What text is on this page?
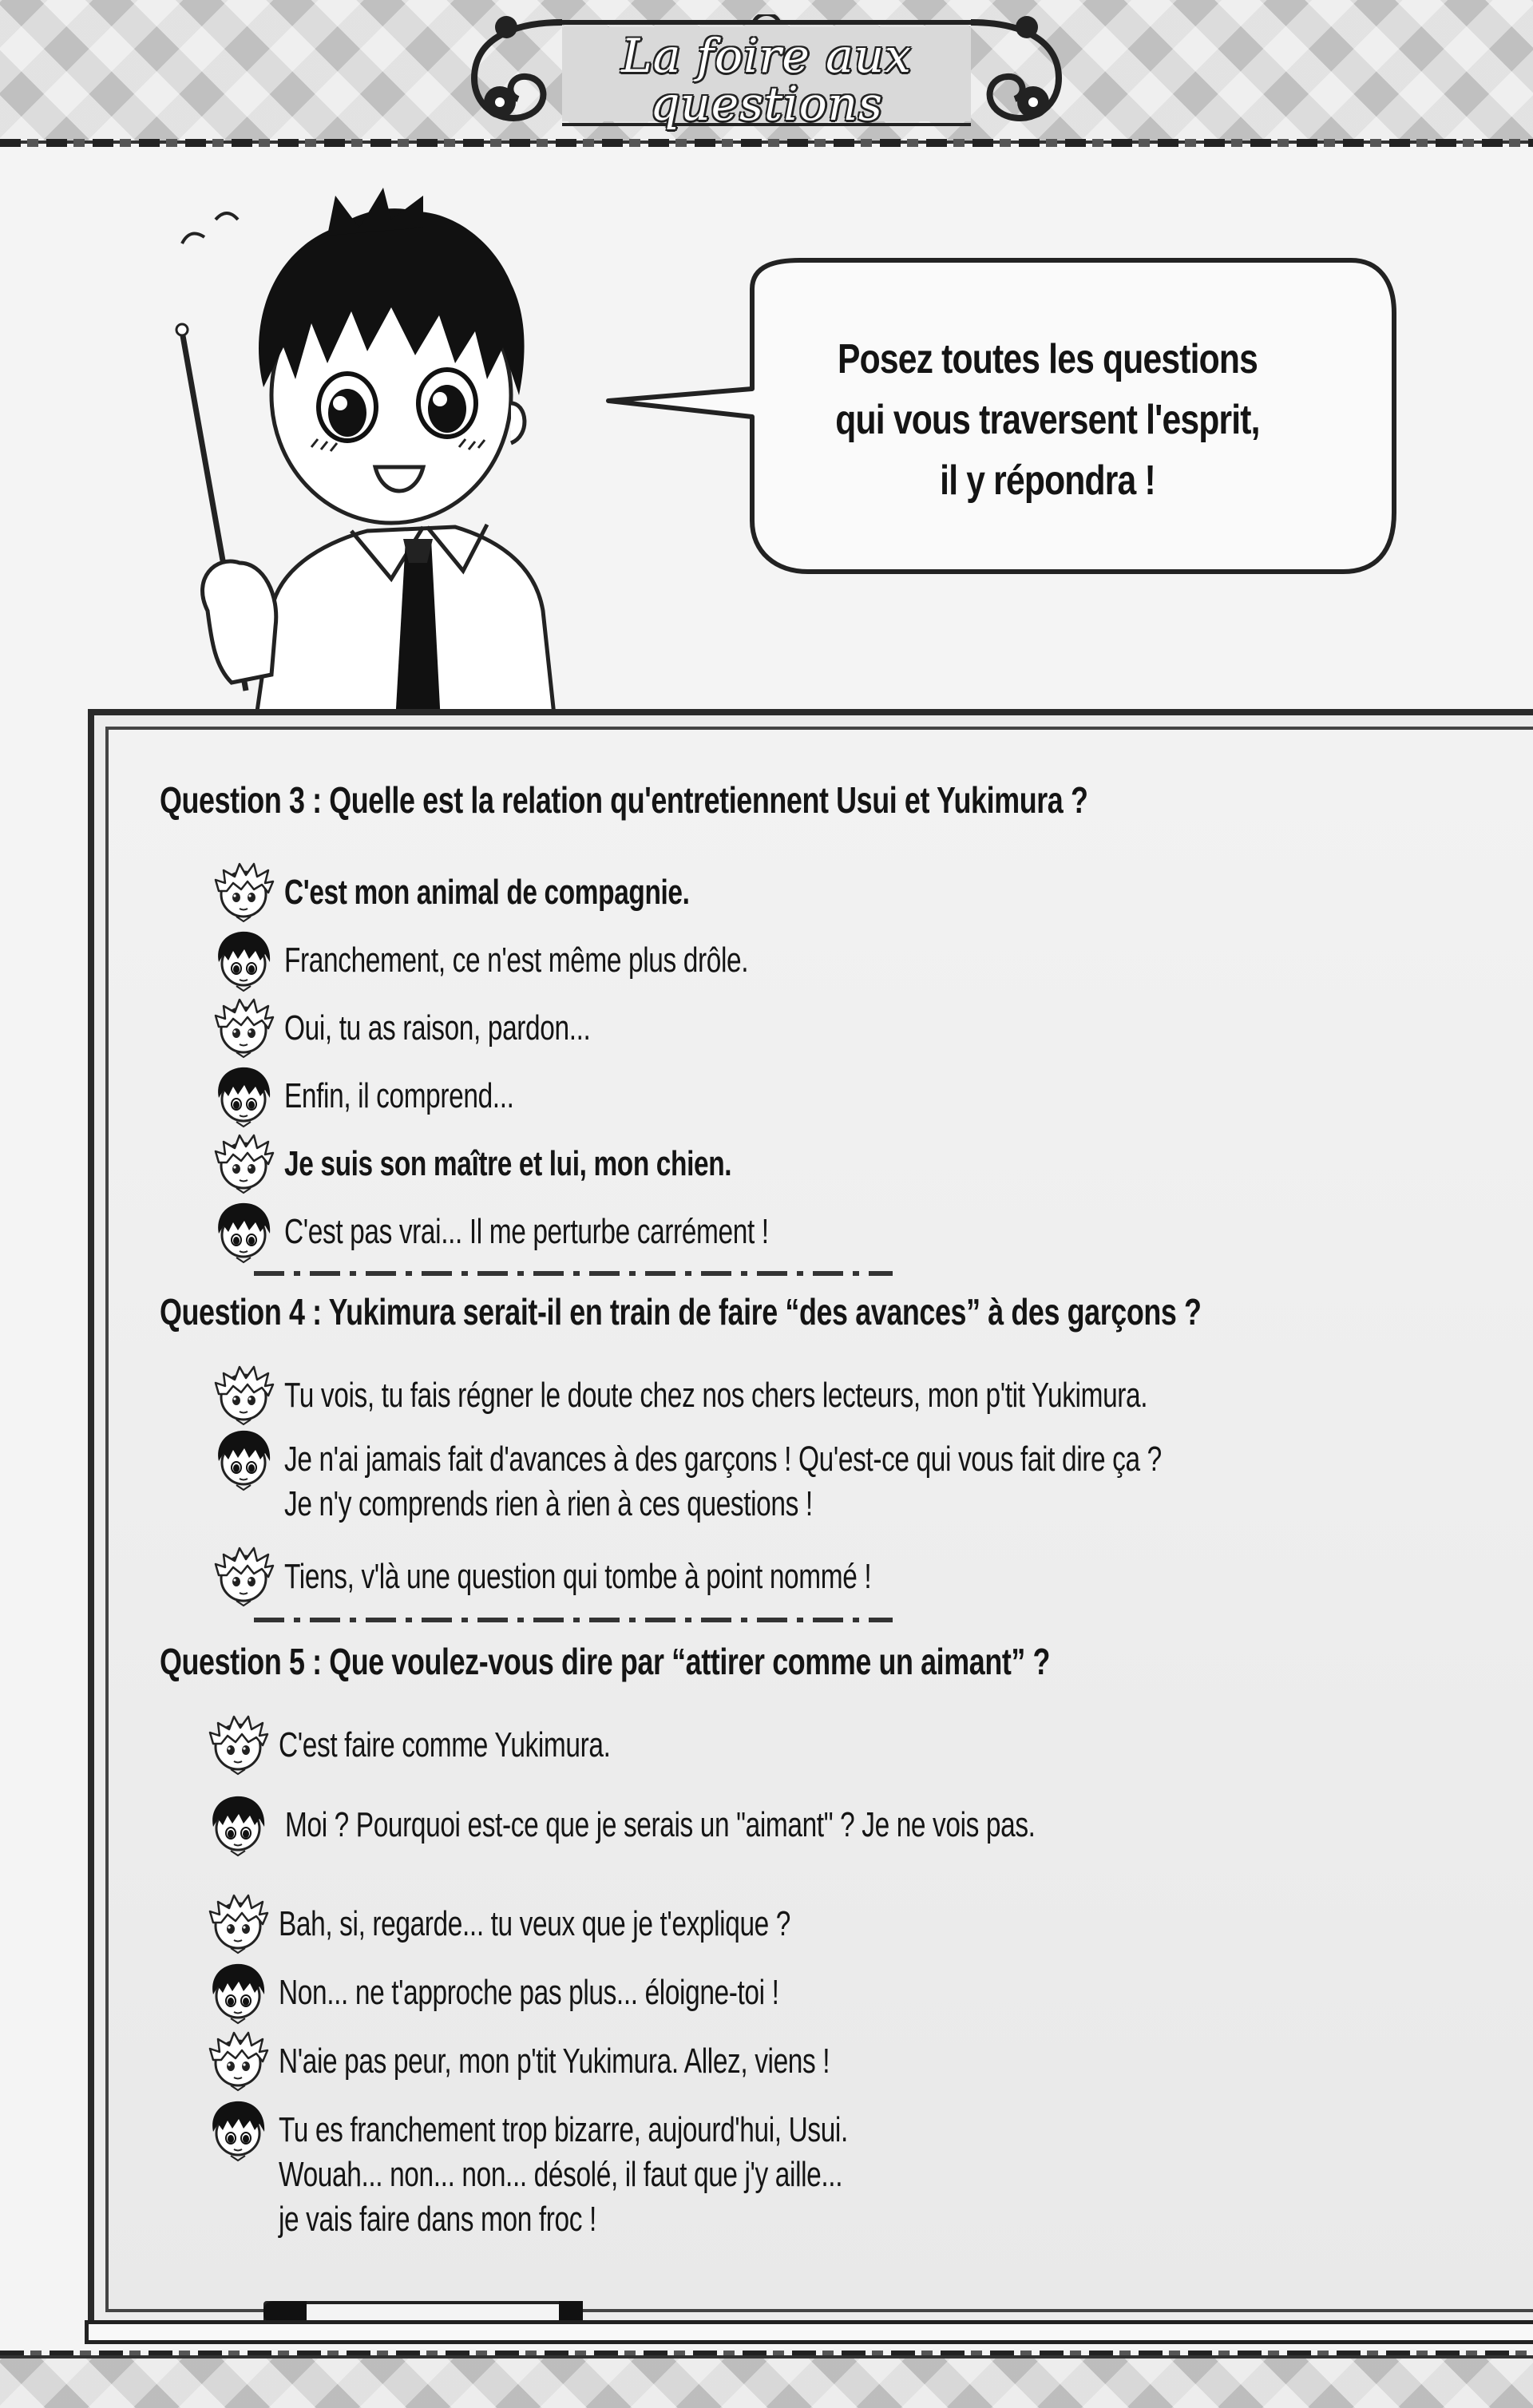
La foire aux
questions
Posez toutes les questions
qui vous traversent l'esprit,
il y répondra !
Question 3 : Quelle est la relation qu'entretiennent Usui et Yukimura ?
C'est mon animal de compagnie.
Franchement, ce n'est même plus drôle.
Oui, tu as raison, pardon...
Enfin, il comprend...
Je suis son maître et lui, mon chien.
C'est pas vrai... Il me perturbe carrément !
Question 4 : Yukimura serait-il en train de faire “des avances” à des garçons ?
Tu vois, tu fais régner le doute chez nos chers lecteurs, mon p'tit Yukimura.
Je n'ai jamais fait d'avances à des garçons ! Qu'est-ce qui vous fait dire ça ?
Je n'y comprends rien à rien à ces questions !
Tiens, v'là une question qui tombe à point nommé !
Question 5 : Que voulez-vous dire par “attirer comme un aimant” ?
C'est faire comme Yukimura.
Moi ? Pourquoi est-ce que je serais un "aimant" ? Je ne vois pas.
Bah, si, regarde... tu veux que je t'explique ?
Non... ne t'approche pas plus... éloigne-toi !
N'aie pas peur, mon p'tit Yukimura. Allez, viens !
Tu es franchement trop bizarre, aujourd'hui, Usui.
Wouah... non... non... désolé, il faut que j'y aille...
je vais faire dans mon froc !
